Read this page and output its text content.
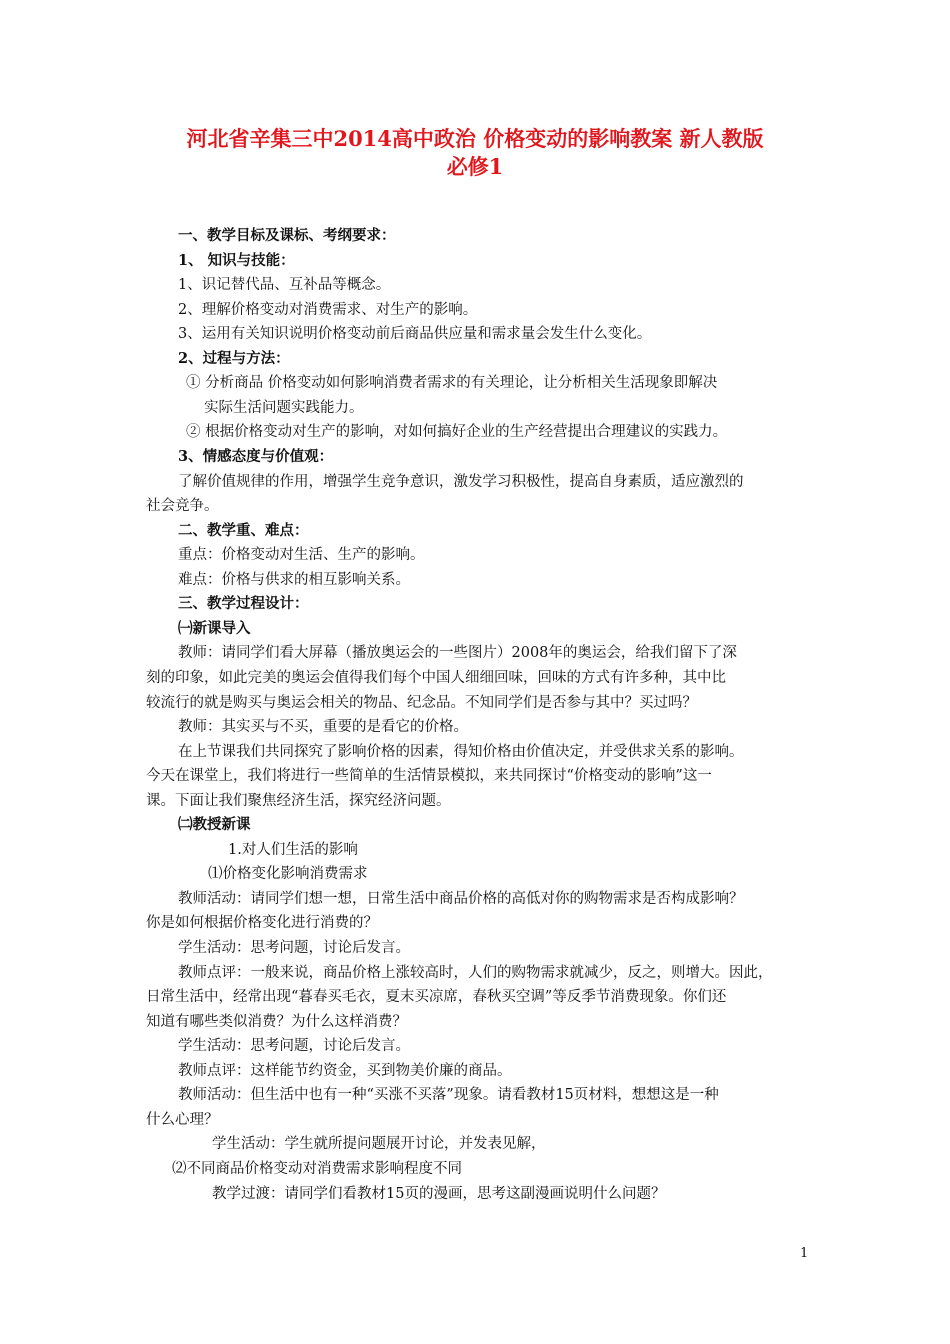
河北省辛集三中2014高中政治 价格变动的影响教案 新人教版
必修1
一、教学目标及课标、考纲要求：
1、 知识与技能：
1、识记替代品、互补品等概念。
2、理解价格变动对消费需求、对生产的影响。
3、运用有关知识说明价格变动前后商品供应量和需求量会发生什么变化。
2、过程与方法：
① 分析商品 价格变动如何影响消费者需求的有关理论，让分析相关生活现象即解决
实际生活问题实践能力。
② 根据价格变动对生产的影响，对如何搞好企业的生产经营提出合理建议的实践力。
3、情感态度与价值观：
了解价值规律的作用，增强学生竞争意识，激发学习积极性，提高自身素质，适应激烈的
社会竞争。
二、教学重、难点：
重点：价格变动对生活、生产的影响。
难点：价格与供求的相互影响关系。
三、教学过程设计：
㈠新课导入
教师：请同学们看大屏幕（播放奥运会的一些图片）2008年的奥运会，给我们留下了深
刻的印象，如此完美的奥运会值得我们每个中国人细细回味，回味的方式有许多种，其中比
较流行的就是购买与奥运会相关的物品、纪念品。不知同学们是否参与其中？买过吗？
教师：其实买与不买，重要的是看它的价格。
在上节课我们共同探究了影响价格的因素，得知价格由价值决定，并受供求关系的影响。
今天在课堂上，我们将进行一些简单的生活情景模拟，来共同探讨“价格变动的影响”这一
课。下面让我们聚焦经济生活，探究经济问题。
㈡教授新课
1.对人们生活的影响
⑴价格变化影响消费需求
教师活动：请同学们想一想，日常生活中商品价格的高低对你的购物需求是否构成影响？
你是如何根据价格变化进行消费的？
学生活动：思考问题，讨论后发言。
教师点评：一般来说，商品价格上涨较高时，人们的购物需求就减少，反之，则增大。因此，
日常生活中，经常出现“暮春买毛衣，夏末买凉席，春秋买空调”等反季节消费现象。你们还
知道有哪些类似消费？为什么这样消费？
学生活动：思考问题，讨论后发言。
教师点评：这样能节约资金，买到物美价廉的商品。
教师活动：但生活中也有一种“买涨不买落”现象。请看教材15页材料，想想这是一种
什么心理？
学生活动：学生就所提问题展开讨论，并发表见解，
⑵不同商品价格变动对消费需求影响程度不同
教学过渡：请同学们看教材15页的漫画，思考这副漫画说明什么问题？
1
